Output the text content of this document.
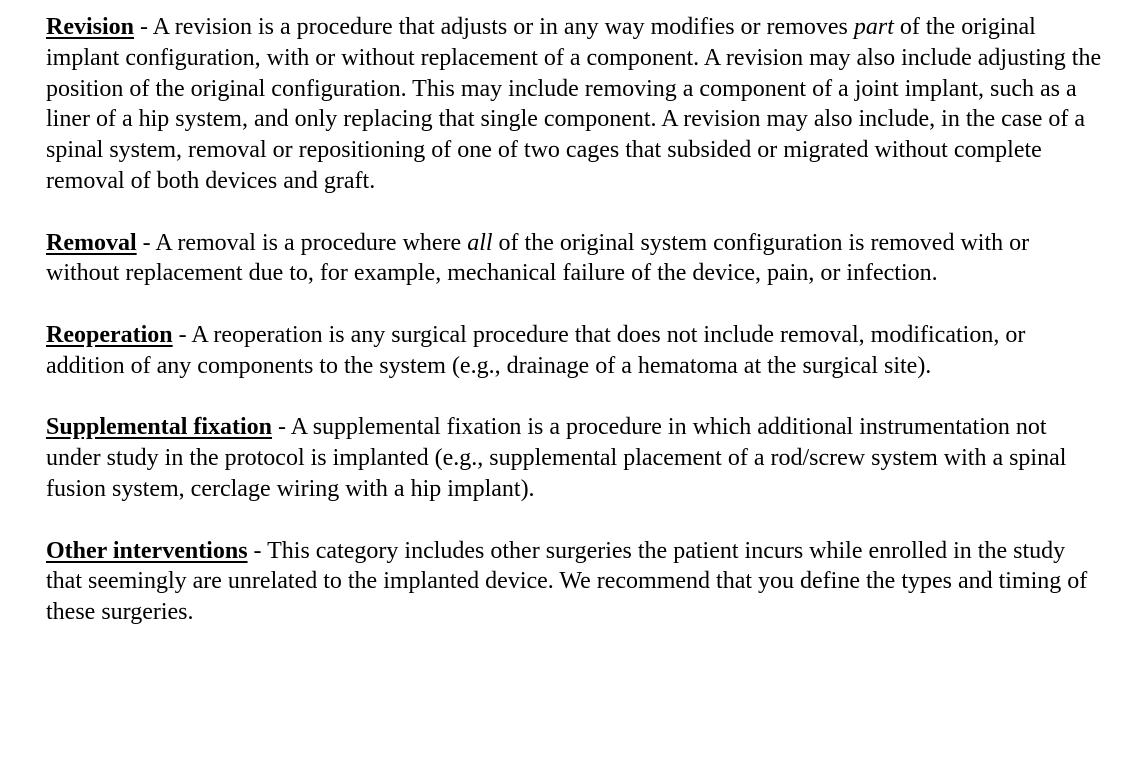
Revision - A revision is a procedure that adjusts or in any way modifies or removes part of the original implant configuration, with or without replacement of a component. A revision may also include adjusting the position of the original configuration. This may include removing a component of a joint implant, such as a liner of a hip system, and only replacing that single component. A revision may also include, in the case of a spinal system, removal or repositioning of one of two cages that subsided or migrated without complete removal of both devices and graft.

Removal - A removal is a procedure where all of the original system configuration is removed with or without replacement due to, for example, mechanical failure of the device, pain, or infection.

Reoperation - A reoperation is any surgical procedure that does not include removal, modification, or addition of any components to the system (e.g., drainage of a hematoma at the surgical site).

Supplemental fixation - A supplemental fixation is a procedure in which additional instrumentation not under study in the protocol is implanted (e.g., supplemental placement of a rod/screw system with a spinal fusion system, cerclage wiring with a hip implant).

Other interventions - This category includes other surgeries the patient incurs while enrolled in the study that seemingly are unrelated to the implanted device. We recommend that you define the types and timing of these surgeries.
